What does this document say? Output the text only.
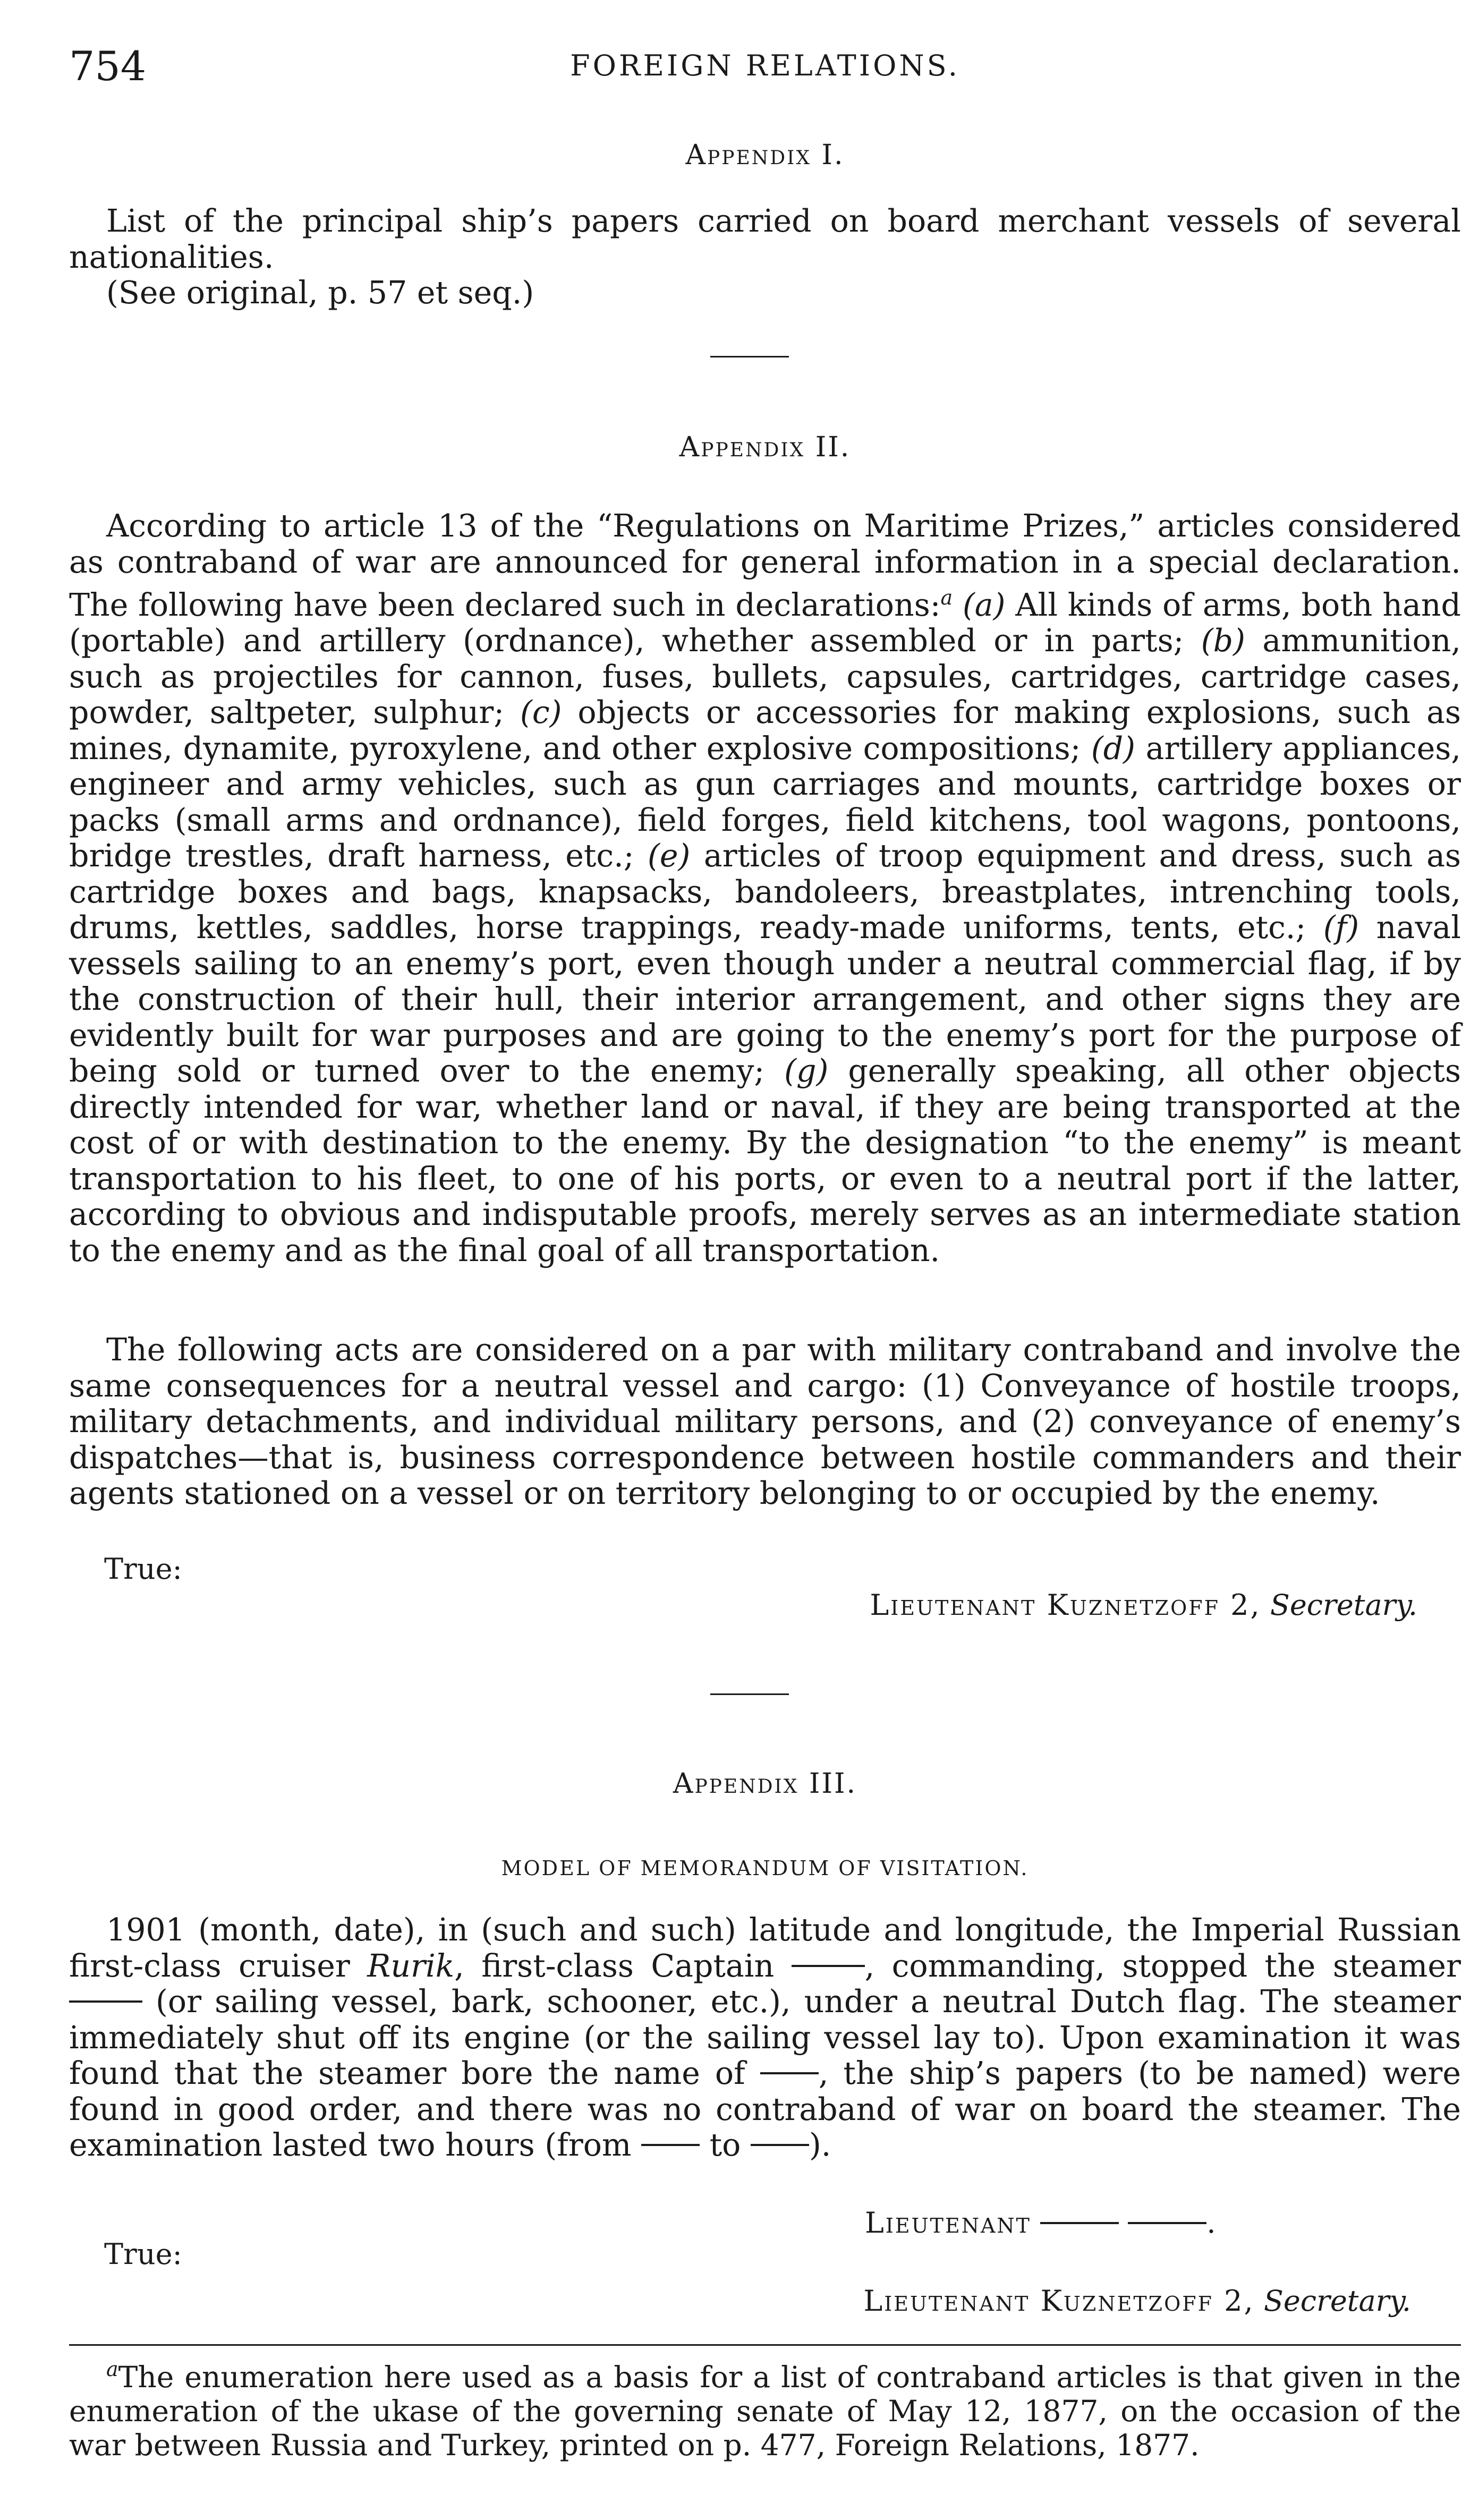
754	FOREIGN RELATIONS.
Appendix I.

List of the principal ship’s papers carried on board merchant vessels of several nationalities.

(See original, p. 57 et seq.)

Appendix II.

According to article 13 of the “Regulations on Maritime Prizes,” articles considered as contraband of war are announced for general information in a special declaration. The following have been declared such in declarations:$^a$ (a) All kinds of arms, both hand (portable) and artillery (ordnance), whether assembled or in parts; (b) ammunition, such as projectiles for cannon, fuses, bullets, capsules, cartridges, cartridge cases, powder, saltpeter, sulphur; (c) objects or accessories for making explosions, such as mines, dynamite, pyroxylene, and other explosive compositions; (d) artillery appliances, engineer and army vehicles, such as gun carriages and mounts, cartridge boxes or packs (small arms and ordnance), field forges, field kitchens, tool wagons, pontoons, bridge trestles, draft harness, etc.; (e) articles of troop equipment and dress, such as cartridge boxes and bags, knapsacks, bandoleers, breastplates, intrenching tools, drums, kettles, saddles, horse trappings, ready-made uniforms, tents, etc.; (f) naval vessels sailing to an enemy’s port, even though under a neutral commercial flag, if by the construction of their hull, their interior arrangement, and other signs they are evidently built for war purposes and are going to the enemy’s port for the purpose of being sold or turned over to the enemy; (g) generally speaking, all other objects directly intended for war, whether land or naval, if they are being transported at the cost of or with destination to the enemy. By the designation “to the enemy” is meant transportation to his fleet, to one of his ports, or even to a neutral port if the latter, according to obvious and indisputable proofs, merely serves as an intermediate station to the enemy and as the final goal of all transportation.

The following acts are considered on a par with military contraband and involve the same consequences for a neutral vessel and cargo: (1) Conveyance of hostile troops, military detachments, and individual military persons, and (2) conveyance of enemy’s dispatches—that is, business correspondence between hostile commanders and their agents stationed on a vessel or on territory belonging to or occupied by the enemy.

True:
Lieutenant Kuznetzoff 2, Secretary.
Appendix III.
MODEL OF MEMORANDUM OF VISITATION.

1901 (month, date), in (such and such) latitude and longitude, the Imperial Russian first-class cruiser Rurik, first-class Captain	, commanding, stopped the steamer  (or sailing vessel, bark, schooner, etc.), under a neutral Dutch flag. The steamer immediately shut off its engine (or the sailing vessel lay to). Upon examination it was found that the steamer bore the name of , the ship’s papers (to be named) were found in good order, and there was no contraband of war on board the steamer. The examination lasted two hours (from	to ).

Lieutenant	.
True:
Lieutenant Kuznetzoff 2, Secretary.

$^a$The enumeration here used as a basis for a list of contraband articles is that given in the enumeration of the ukase of the governing senate of May 12, 1877, on the occasion of the war between Russia and Turkey, printed on p. 477, Foreign Relations, 1877.
